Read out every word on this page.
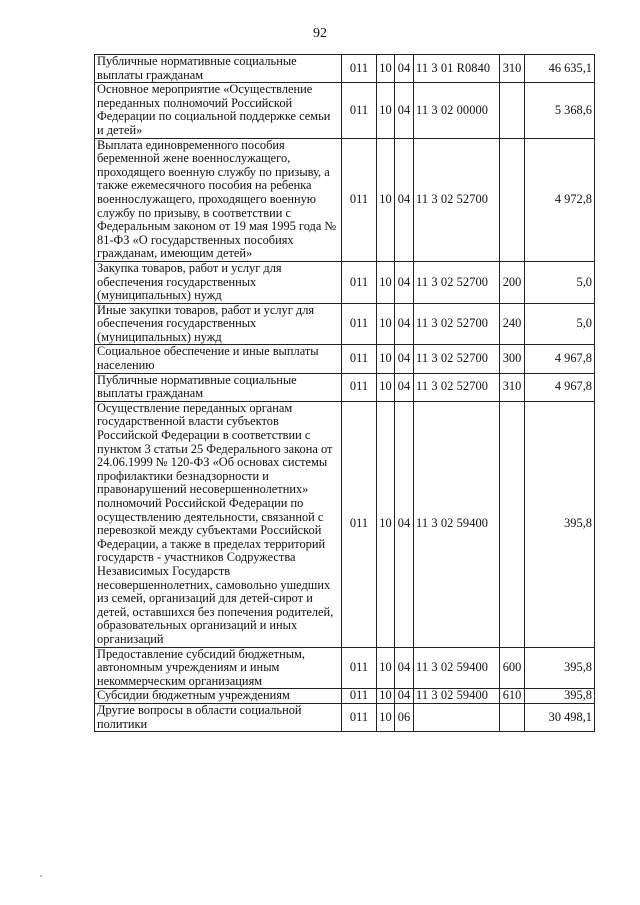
92
Публичные нормативные социальные выплаты гражданам	011	10	04	11 3 01 R0840	310	46 635,1
Основное мероприятие «Осуществление переданных полномочий Российской Федерации по социальной поддержке семьи и детей»	011	10	04	11 3 02 00000		5 368,6
Выплата единовременного пособия беременной жене военнослужащего, проходящего военную службу по призыву, а также ежемесячного пособия на ребенка военнослужащего, проходящего военную службу по призыву, в соответствии с Федеральным законом от 19 мая 1995 года № 81-ФЗ «О государственных пособиях гражданам, имеющим детей»	011	10	04	11 3 02 52700		4 972,8
Закупка товаров, работ и услуг для обеспечения государственных (муниципальных) нужд	011	10	04	11 3 02 52700	200	5,0
Иные закупки товаров, работ и услуг для обеспечения государственных (муниципальных) нужд	011	10	04	11 3 02 52700	240	5,0
Социальное обеспечение и иные выплаты населению	011	10	04	11 3 02 52700	300	4 967,8
Публичные нормативные социальные выплаты гражданам	011	10	04	11 3 02 52700	310	4 967,8
Осуществление переданных органам государственной власти субъектов Российской Федерации в соответствии с пунктом 3 статьи 25 Федерального закона от 24.06.1999 № 120-ФЗ «Об основах системы профилактики безнадзорности и правонарушений несовершеннолетних» полномочий Российской Федерации по осуществлению деятельности, связанной с перевозкой между субъектами Российской Федерации, а также в пределах территорий государств - участников Содружества Независимых Государств несовершеннолетних, самовольно ушедших из семей, организаций для детей-сирот и детей, оставшихся без попечения родителей, образовательных организаций и иных организаций	011	10	04	11 3 02 59400		395,8
Предоставление субсидий бюджетным, автономным учреждениям и иным некоммерческим организациям	011	10	04	11 3 02 59400	600	395,8
Субсидии бюджетным учреждениям	011	10	04	11 3 02 59400	610	395,8
Другие вопросы в области социальной политики	011	10	06			30 498,1
